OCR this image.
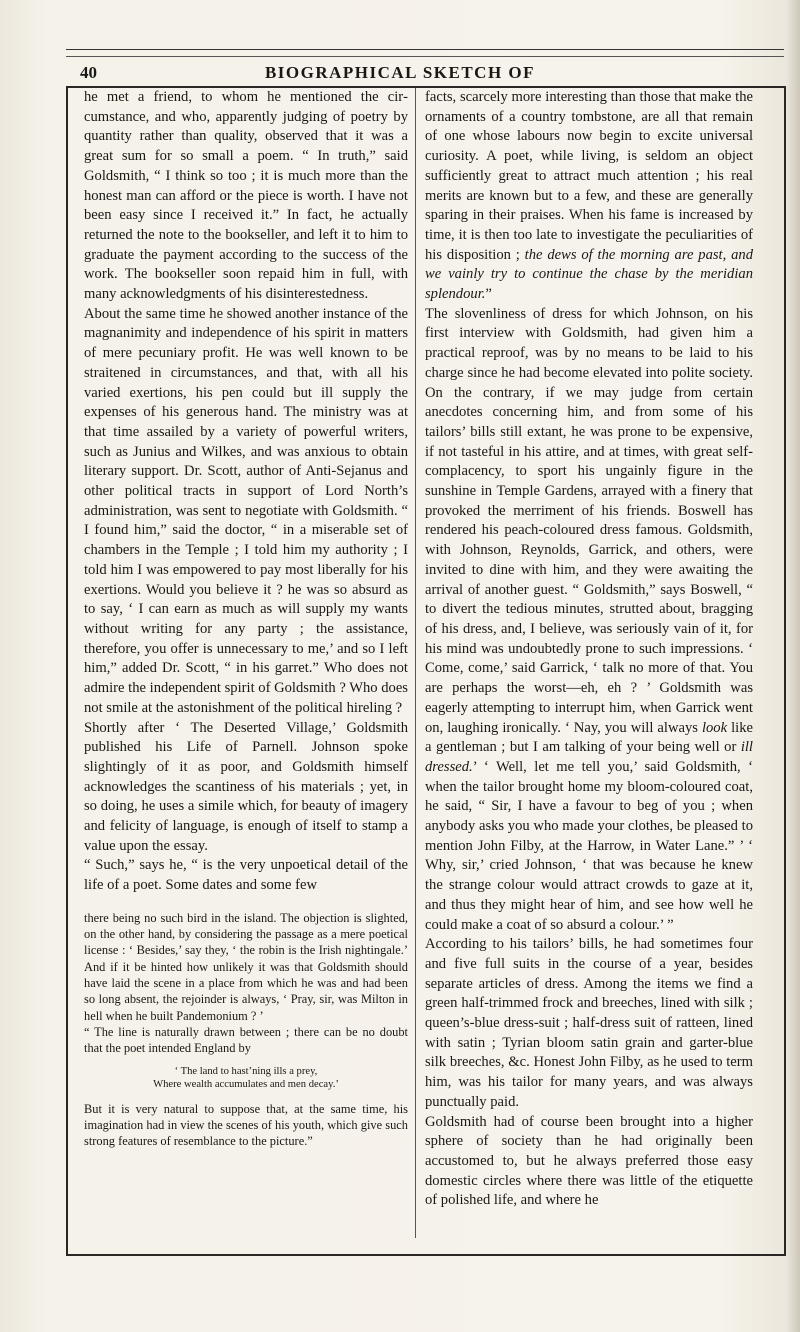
40	BIOGRAPHICAL SKETCH OF

he met a friend, to whom he mentioned the circumstance, and who, apparently judging of poetry by quantity rather than quality, observed that it was a great sum for so small a poem. “ In truth,” said Goldsmith, “ I think so too ; it is much more than the honest man can afford or the piece is worth. I have not been easy since I received it.” In fact, he actually returned the note to the bookseller, and left it to him to graduate the payment according to the success of the work. The bookseller soon repaid him in full, with many acknowledgments of his disinterestedness.

About the same time he showed another instance of the magnanimity and independence of his spirit in matters of mere pecuniary profit. He was well known to be straitened in circumstances, and that, with all his varied exertions, his pen could but ill supply the expenses of his generous hand. The ministry was at that time assailed by a variety of powerful writers, such as Junius and Wilkes, and was anxious to obtain literary support. Dr. Scott, author of Anti-Sejanus and other political tracts in support of Lord North’s administration, was sent to negotiate with Goldsmith. “ I found him,” said the doctor, “ in a miserable set of chambers in the Temple ; I told him my authority ; I told him I was empowered to pay most liberally for his exertions. Would you believe it ? he was so absurd as to say, ‘ I can earn as much as will supply my wants without writing for any party ; the assistance, therefore, you offer is unnecessary to me,’ and so I left him,” added Dr. Scott, “ in his garret.” Who does not admire the independent spirit of Goldsmith ? Who does not smile at the astonishment of the political hireling ?

Shortly after ‘ The Deserted Village,’ Goldsmith published his Life of Parnell. Johnson spoke slightingly of it as poor, and Goldsmith himself acknowledges the scantiness of his materials ; yet, in so doing, he uses a simile which, for beauty of imagery and felicity of language, is enough of itself to stamp a value upon the essay.

“ Such,” says he, “ is the very unpoetical detail of the life of a poet. Some dates and some few

there being no such bird in the island. The objection is slighted, on the other hand, by considering the passage as a mere poetical license : ‘ Besides,’ say they, ‘ the robin is the Irish nightingale.’ And if it be hinted how unlikely it was that Goldsmith should have laid the scene in a place from which he was and had been so long absent, the rejoinder is always, ‘ Pray, sir, was Milton in hell when he built Pandemonium ? ’

“ The line is naturally drawn between ; there can be no doubt that the poet intended England by

‘ The land to hast’ning ills a prey,
Where wealth accumulates and men decay.’

But it is very natural to suppose that, at the same time, his imagination had in view the scenes of his youth, which give such strong features of resemblance to the picture.”

facts, scarcely more interesting than those that make the ornaments of a country tombstone, are all that remain of one whose labours now begin to excite universal curiosity. A poet, while living, is seldom an object sufficiently great to attract much attention ; his real merits are known but to a few, and these are generally sparing in their praises. When his fame is increased by time, it is then too late to investigate the peculiarities of his disposition ; the dews of the morning are past, and we vainly try to continue the chase by the meridian splendour.”

The slovenliness of dress for which Johnson, on his first interview with Goldsmith, had given him a practical reproof, was by no means to be laid to his charge since he had become elevated into polite society. On the contrary, if we may judge from certain anecdotes concerning him, and from some of his tailors’ bills still extant, he was prone to be expensive, if not tasteful in his attire, and at times, with great self-complacency, to sport his ungainly figure in the sunshine in Temple Gardens, arrayed with a finery that provoked the merriment of his friends. Boswell has rendered his peach-coloured dress famous. Goldsmith, with Johnson, Reynolds, Garrick, and others, were invited to dine with him, and they were awaiting the arrival of another guest. “ Goldsmith,” says Boswell, “ to divert the tedious minutes, strutted about, bragging of his dress, and, I believe, was seriously vain of it, for his mind was undoubtedly prone to such impressions. ‘ Come, come,’ said Garrick, ‘ talk no more of that. You are perhaps the worst—eh, eh ? ’ Goldsmith was eagerly attempting to interrupt him, when Garrick went on, laughing ironically. ‘ Nay, you will always look like a gentleman ; but I am talking of your being well or ill dressed.’ ‘ Well, let me tell you,’ said Goldsmith, ‘ when the tailor brought home my bloom-coloured coat, he said, “ Sir, I have a favour to beg of you ; when anybody asks you who made your clothes, be pleased to mention John Filby, at the Harrow, in Water Lane.” ’ ‘ Why, sir,’ cried Johnson, ‘ that was because he knew the strange colour would attract crowds to gaze at it, and thus they might hear of him, and see how well he could make a coat of so absurd a colour.’ ”

According to his tailors’ bills, he had sometimes four and five full suits in the course of a year, besides separate articles of dress. Among the items we find a green half-trimmed frock and breeches, lined with silk ; queen’s-blue dress-suit ; half-dress suit of ratteen, lined with satin ; Tyrian bloom satin grain and garter-blue silk breeches, &c. Honest John Filby, as he used to term him, was his tailor for many years, and was always punctually paid.

Goldsmith had of course been brought into a higher sphere of society than he had originally been accustomed to, but he always preferred those easy domestic circles where there was little of the etiquette of polished life, and where he
